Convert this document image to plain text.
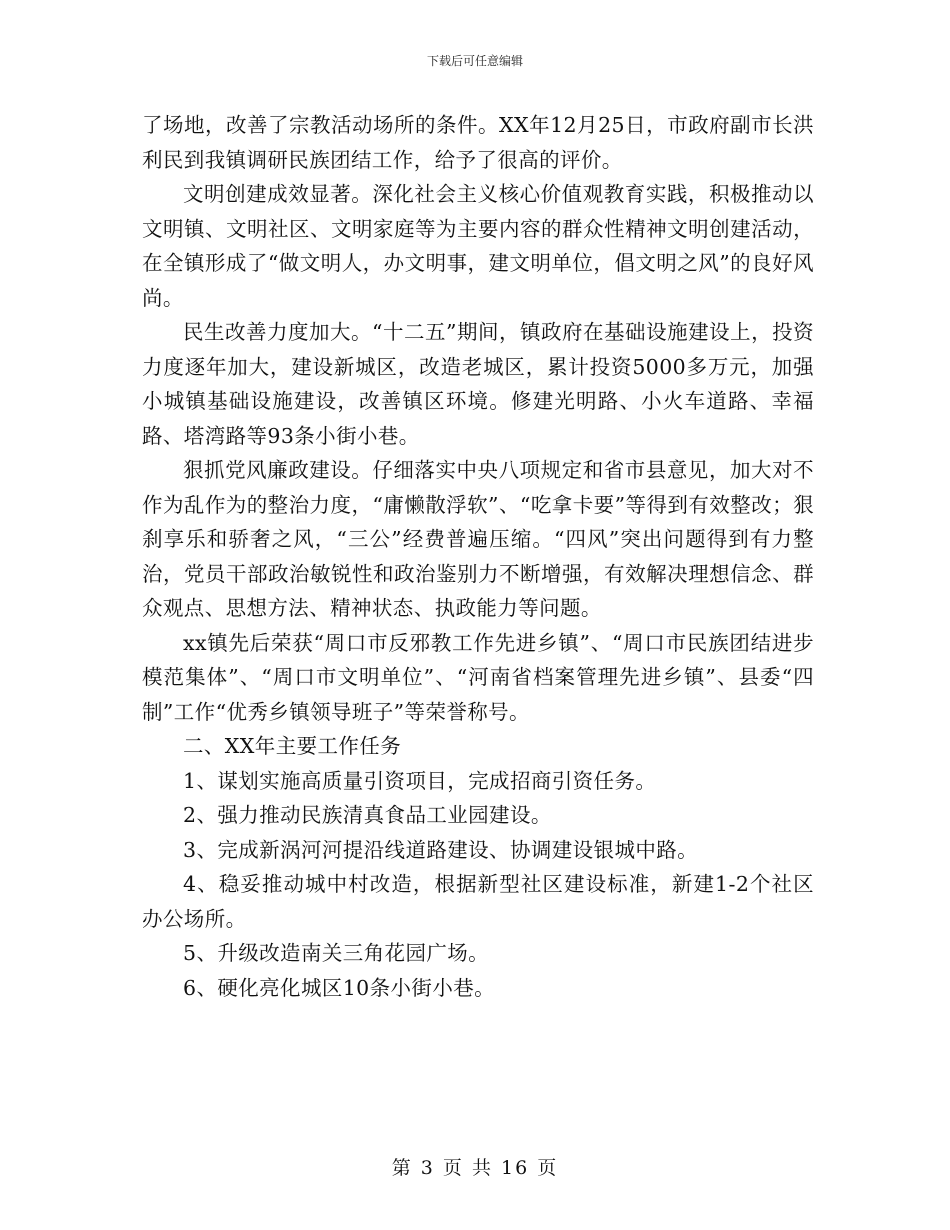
下载后可任意编辑

了场地，改善了宗教活动场所的条件。XX年12月25日，市政府副市长洪利民到我镇调研民族团结工作，给予了很高的评价。

文明创建成效显著。深化社会主义核心价值观教育实践，积极推动以文明镇、文明社区、文明家庭等为主要内容的群众性精神文明创建活动，在全镇形成了“做文明人，办文明事，建文明单位，倡文明之风”的良好风尚。

民生改善力度加大。“十二五”期间，镇政府在基础设施建设上，投资力度逐年加大，建设新城区，改造老城区，累计投资5000多万元，加强小城镇基础设施建设，改善镇区环境。修建光明路、小火车道路、幸福路、塔湾路等93条小街小巷。

狠抓党风廉政建设。仔细落实中央八项规定和省市县意见，加大对不作为乱作为的整治力度，“庸懒散浮软”、“吃拿卡要”等得到有效整改；狠刹享乐和骄奢之风，“三公”经费普遍压缩。“四风”突出问题得到有力整治，党员干部政治敏锐性和政治鉴别力不断增强，有效解决理想信念、群众观点、思想方法、精神状态、执政能力等问题。

xx镇先后荣获“周口市反邪教工作先进乡镇”、“周口市民族团结进步模范集体”、“周口市文明单位”、“河南省档案管理先进乡镇”、县委“四制”工作“优秀乡镇领导班子”等荣誉称号。

二、XX年主要工作任务

1、谋划实施高质量引资项目，完成招商引资任务。

2、强力推动民族清真食品工业园建设。

3、完成新涡河河提沿线道路建设、协调建设银城中路。

4、稳妥推动城中村改造，根据新型社区建设标准，新建1-2个社区办公场所。

5、升级改造南关三角花园广场。

6、硬化亮化城区10条小街小巷。

第 3 页 共 16 页
